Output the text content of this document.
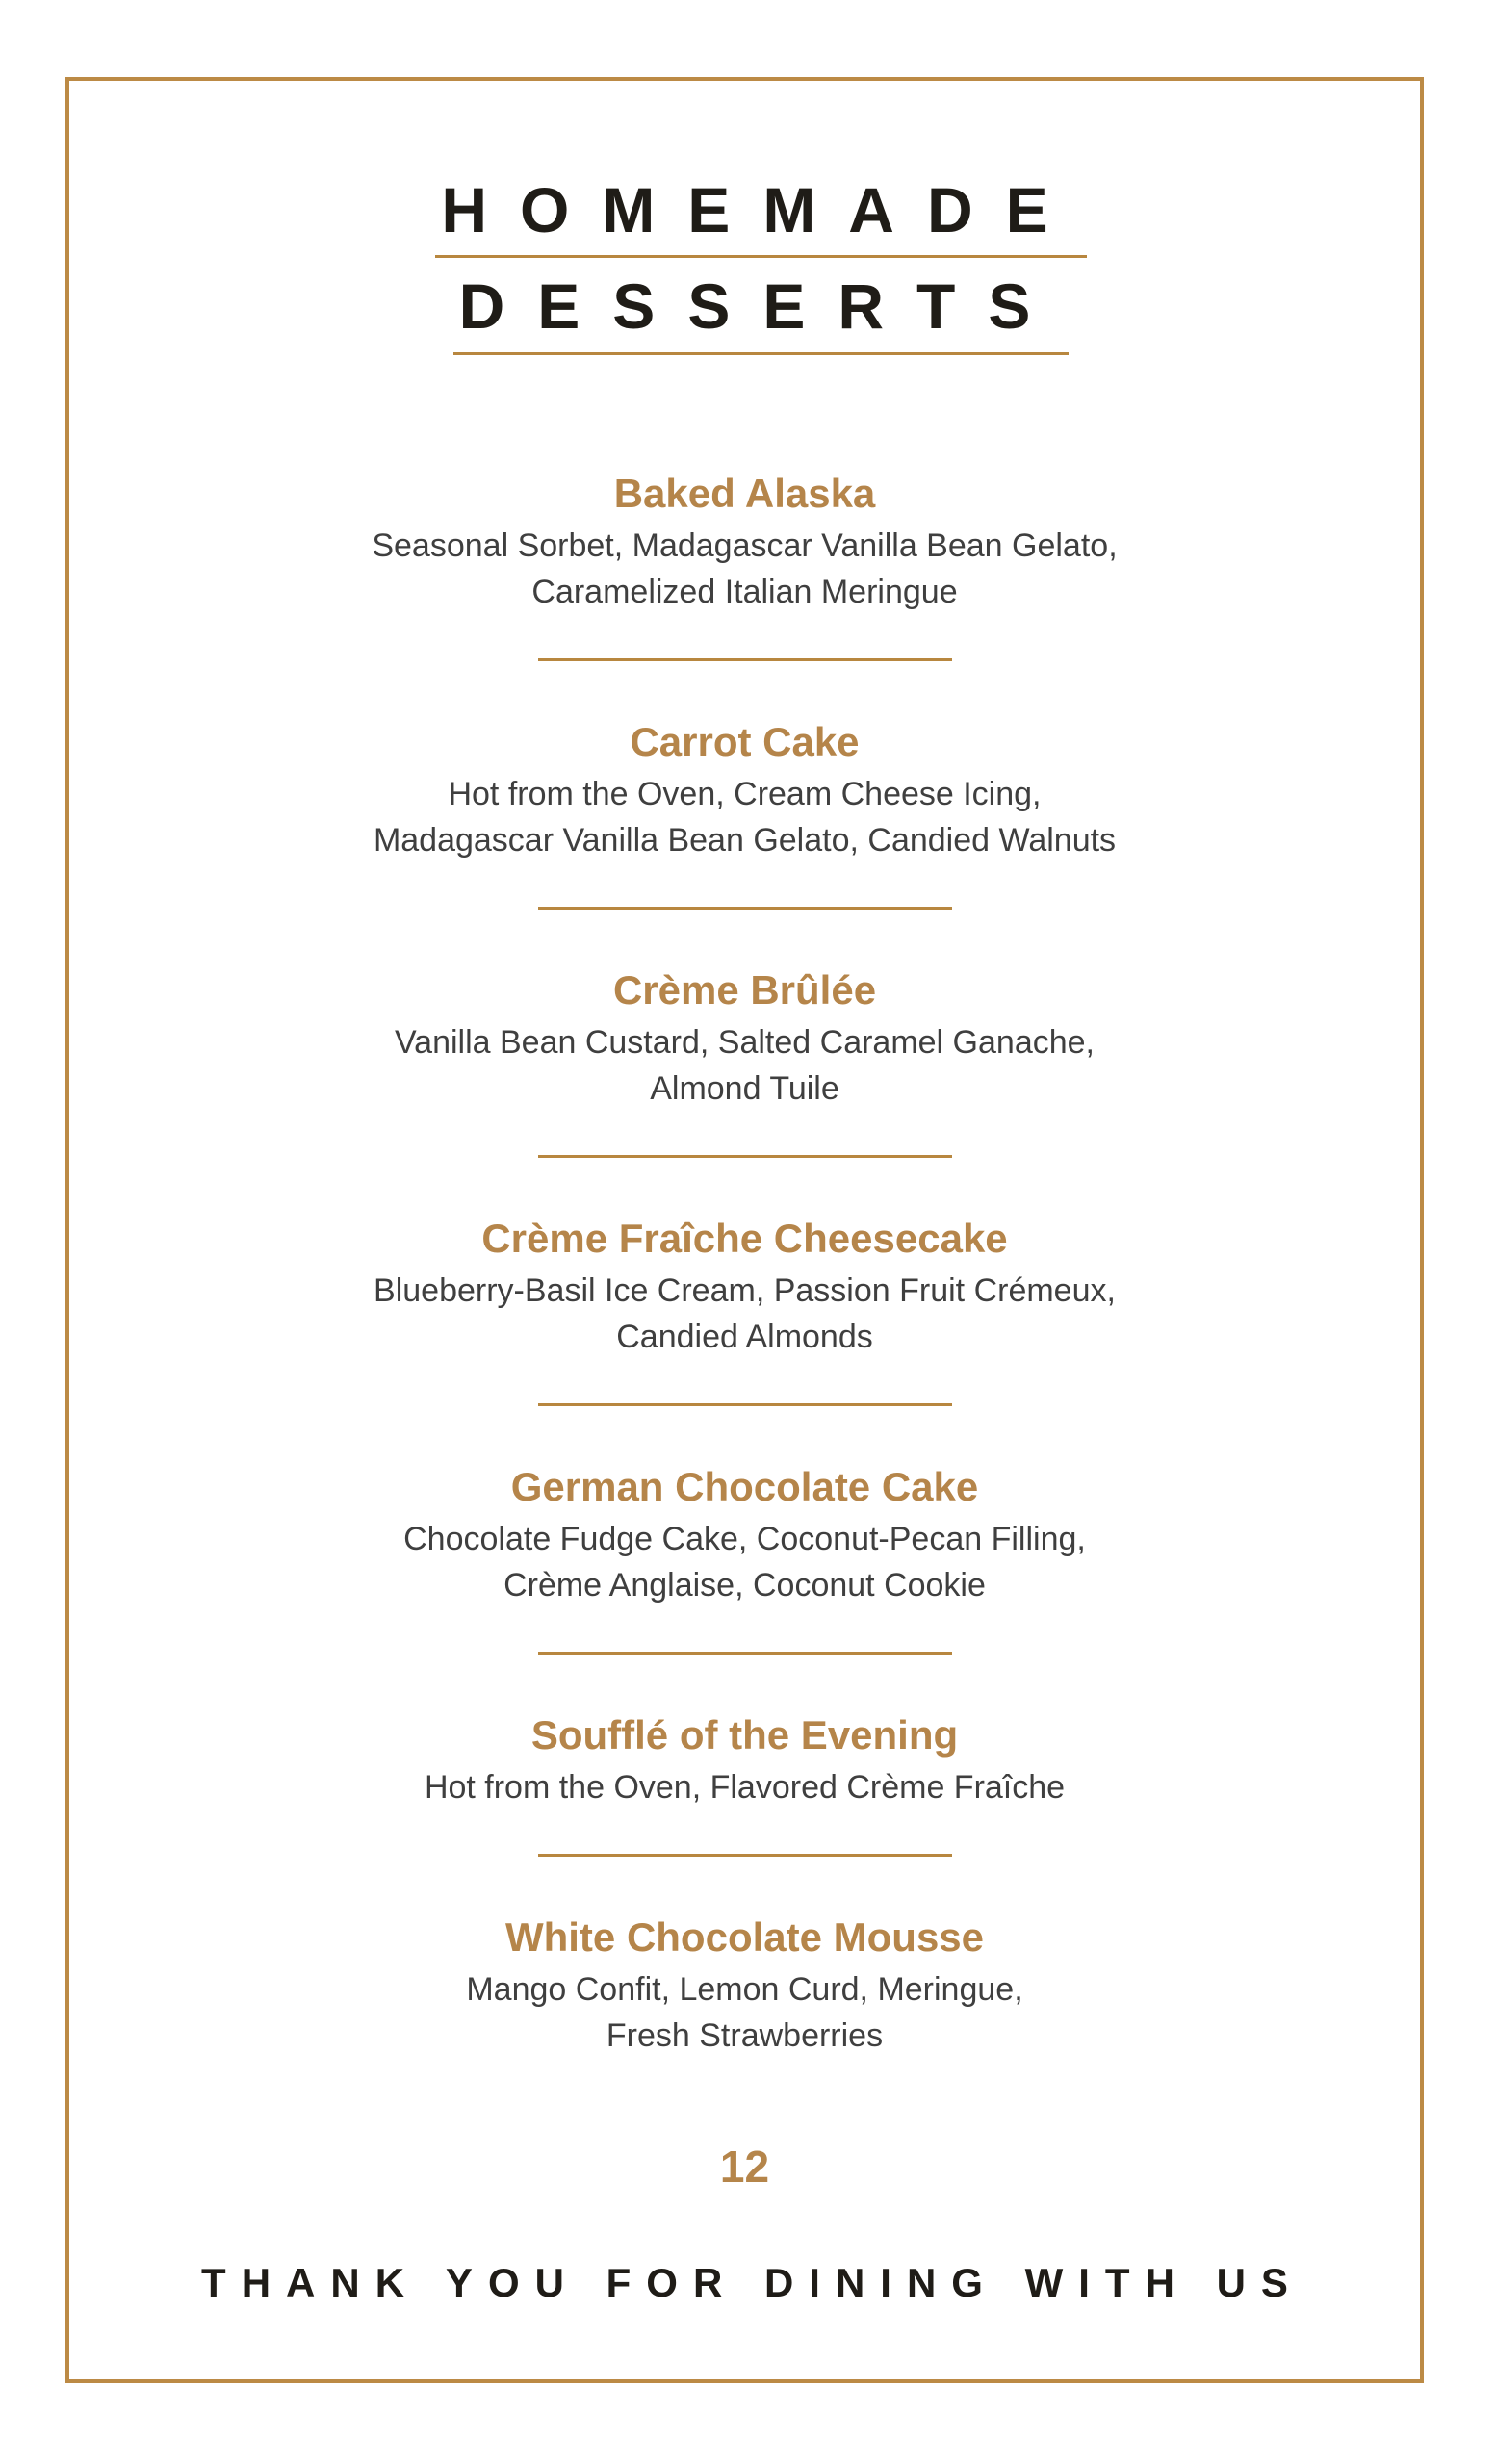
HOMEMADE
DESSERTS
Baked Alaska

Seasonal Sorbet, Madagascar Vanilla Bean Gelato,

Caramelized Italian Meringue

Carrot Cake

Hot from the Oven, Cream Cheese Icing,

Madagascar Vanilla Bean Gelato, Candied Walnuts

Crème Brûlée

Vanilla Bean Custard, Salted Caramel Ganache,

Almond Tuile

Crème Fraîche Cheesecake

Blueberry-Basil Ice Cream, Passion Fruit Crémeux,

Candied Almonds

German Chocolate Cake

Chocolate Fudge Cake, Coconut-Pecan Filling,

Crème Anglaise, Coconut Cookie

Soufflé of the Evening

Hot from the Oven, Flavored Crème Fraîche

White Chocolate Mousse

Mango Confit, Lemon Curd, Meringue,

Fresh Strawberries

12
THANK YOU FOR DINING WITH US
